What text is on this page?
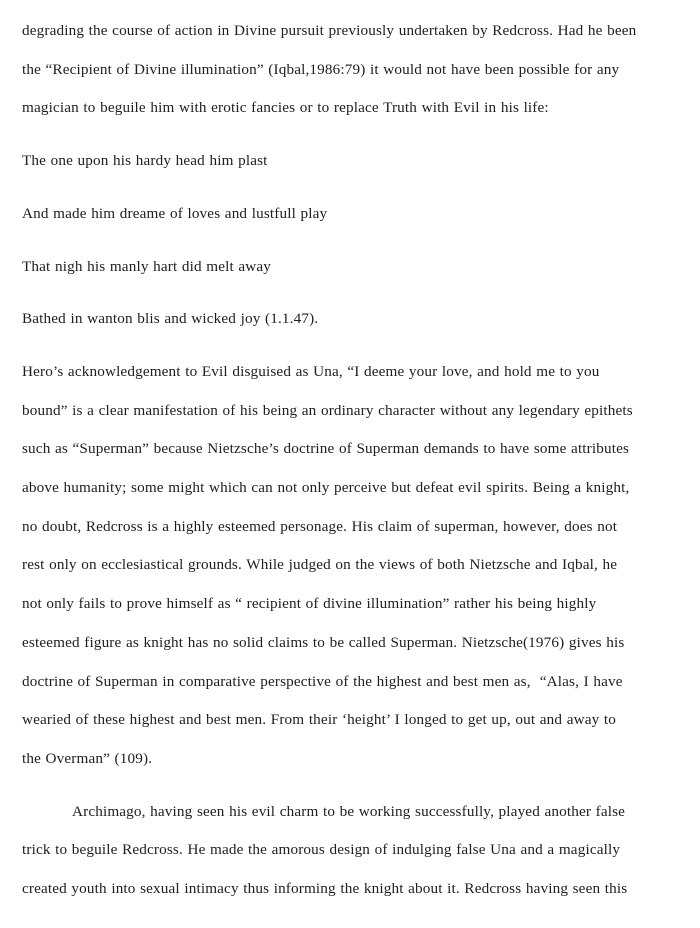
degrading the course of action in Divine pursuit previously undertaken by Redcross. Had he been
the “Recipient of Divine illumination” (Iqbal,1986:79) it would not have been possible for any
magician to beguile him with erotic fancies or to replace Truth with Evil in his life:
The one upon his hardy head him plast
And made him dreame of loves and lustfull play
That nigh his manly hart did melt away
Bathed in wanton blis and wicked joy (1.1.47).
Hero’s acknowledgement to Evil disguised as Una, “I deeme your love, and hold me to you
bound” is a clear manifestation of his being an ordinary character without any legendary epithets
such as “Superman” because Nietzsche’s doctrine of Superman demands to have some attributes
above humanity; some might which can not only perceive but defeat evil spirits. Being a knight,
no doubt, Redcross is a highly esteemed personage. His claim of superman, however, does not
rest only on ecclesiastical grounds. While judged on the views of both Nietzsche and Iqbal, he
not only fails to prove himself as “ recipient of divine illumination” rather his being highly
esteemed figure as knight has no solid claims to be called Superman. Nietzsche(1976) gives his
doctrine of Superman in comparative perspective of the highest and best men as,  “Alas, I have
wearied of these highest and best men. From their ‘height’ I longed to get up, out and away to
the Overman” (109).
Archimago, having seen his evil charm to be working successfully, played another false
trick to beguile Redcross. He made the amorous design of indulging false Una and a magically
created youth into sexual intimacy thus informing the knight about it. Redcross having seen this
